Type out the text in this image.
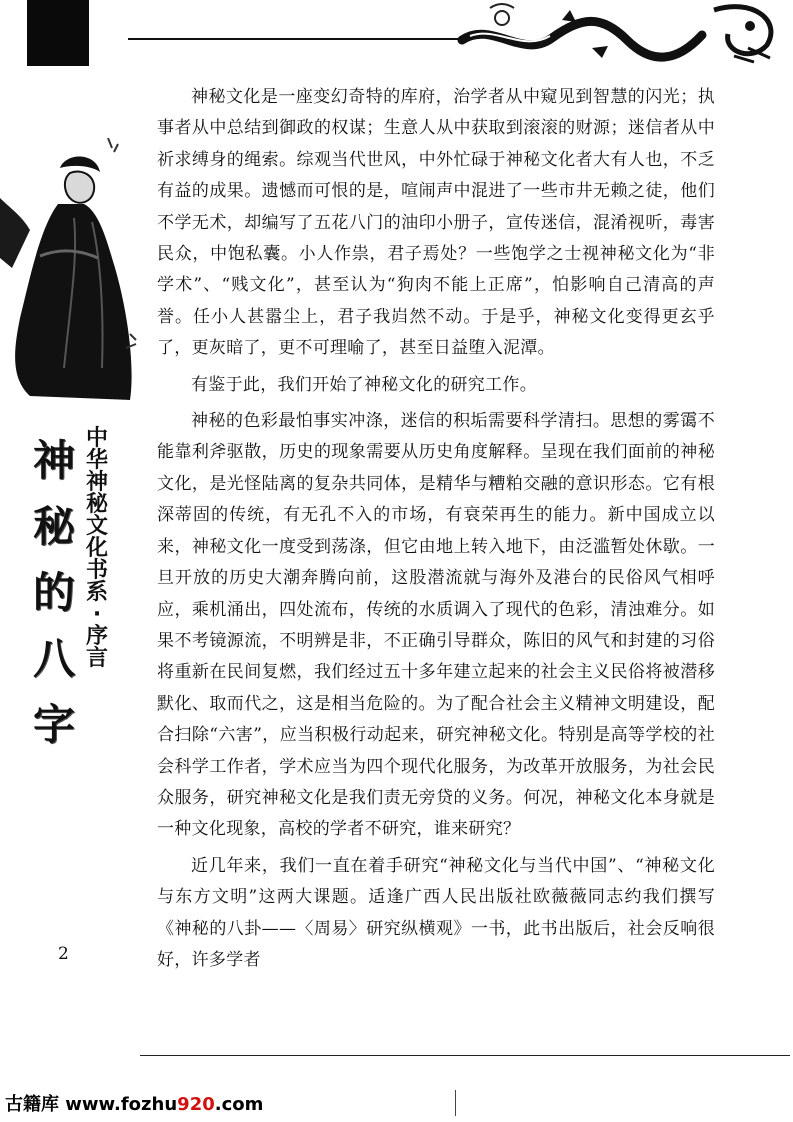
神
秘
的
八
字
中华神秘文化书系·序言
2

神秘文化是一座变幻奇特的库府，治学者从中窥见到智慧的闪光；执事者从中总结到御政的权谋；生意人从中获取到滚滚的财源；迷信者从中祈求缚身的绳索。综观当代世风，中外忙碌于神秘文化者大有人也，不乏有益的成果。遗憾而可恨的是，喧闹声中混进了一些市井无赖之徒，他们不学无术，却编写了五花八门的油印小册子，宣传迷信，混淆视听，毒害民众，中饱私囊。小人作祟，君子焉处？一些饱学之士视神秘文化为“非学术”、“贱文化”，甚至认为“狗肉不能上正席”，怕影响自己清高的声誉。任小人甚嚣尘上，君子我岿然不动。于是乎，神秘文化变得更玄乎了，更灰暗了，更不可理喻了，甚至日益堕入泥潭。

有鉴于此，我们开始了神秘文化的研究工作。

神秘的色彩最怕事实冲涤，迷信的积垢需要科学清扫。思想的雾霭不能靠利斧驱散，历史的现象需要从历史角度解释。呈现在我们面前的神秘文化，是光怪陆离的复杂共同体，是精华与糟粕交融的意识形态。它有根深蒂固的传统，有无孔不入的市场，有衰荣再生的能力。新中国成立以来，神秘文化一度受到荡涤，但它由地上转入地下，由泛滥暂处休歇。一旦开放的历史大潮奔腾向前，这股潜流就与海外及港台的民俗风气相呼应，乘机涌出，四处流布，传统的水质调入了现代的色彩，清浊难分。如果不考镜源流，不明辨是非，不正确引导群众，陈旧的风气和封建的习俗将重新在民间复燃，我们经过五十多年建立起来的社会主义民俗将被潜移默化、取而代之，这是相当危险的。为了配合社会主义精神文明建设，配合扫除“六害”，应当积极行动起来，研究神秘文化。特别是高等学校的社会科学工作者，学术应当为四个现代化服务，为改革开放服务，为社会民众服务，研究神秘文化是我们责无旁贷的义务。何况，神秘文化本身就是一种文化现象，高校的学者不研究，谁来研究？

近几年来，我们一直在着手研究“神秘文化与当代中国”、“神秘文化与东方文明”这两大课题。适逢广西人民出版社欧薇薇同志约我们撰写《神秘的八卦——〈周易〉研究纵横观》一书，此书出版后，社会反响很好，许多学者

古籍库 www.fozhu920.com
